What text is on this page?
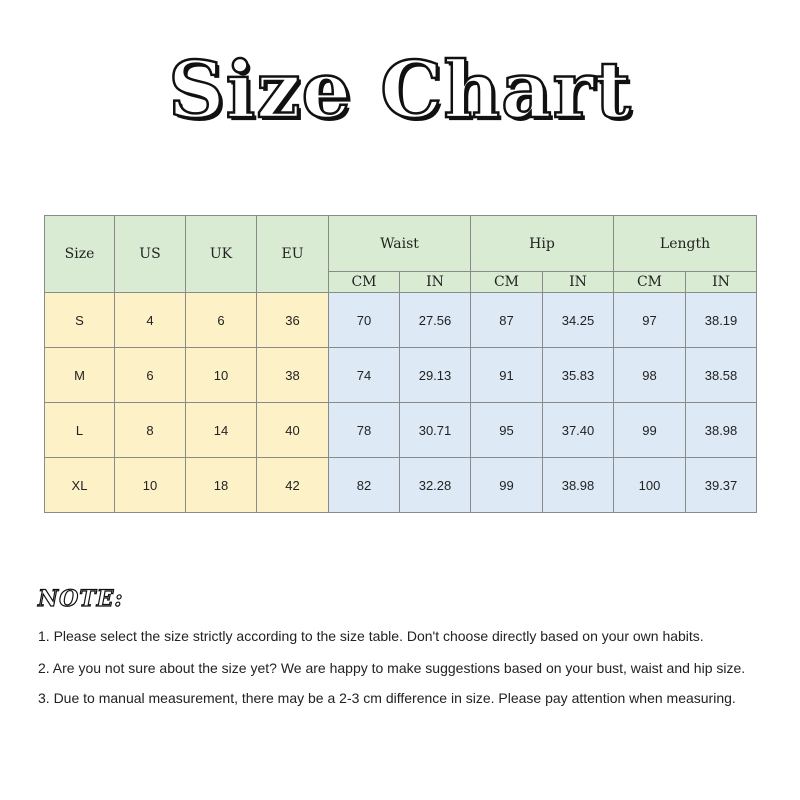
Size Chart
Size	US	UK	EU	Waist		Hip		Length	
				CM	IN	CM	IN	CM	IN
S	4	6	36	70	27.56	87	34.25	97	38.19
M	6	10	38	74	29.13	91	35.83	98	38.58
L	8	14	40	78	30.71	95	37.40	99	38.98
XL	10	18	42	82	32.28	99	38.98	100	39.37
NOTE:
1. Please select the size strictly according to the size table. Don't choose directly based on your own habits.
2. Are you not sure about the size yet? We are happy to make suggestions based on your bust, waist and hip size.
3. Due to manual measurement, there may be a 2-3 cm difference in size. Please pay attention when measuring.
